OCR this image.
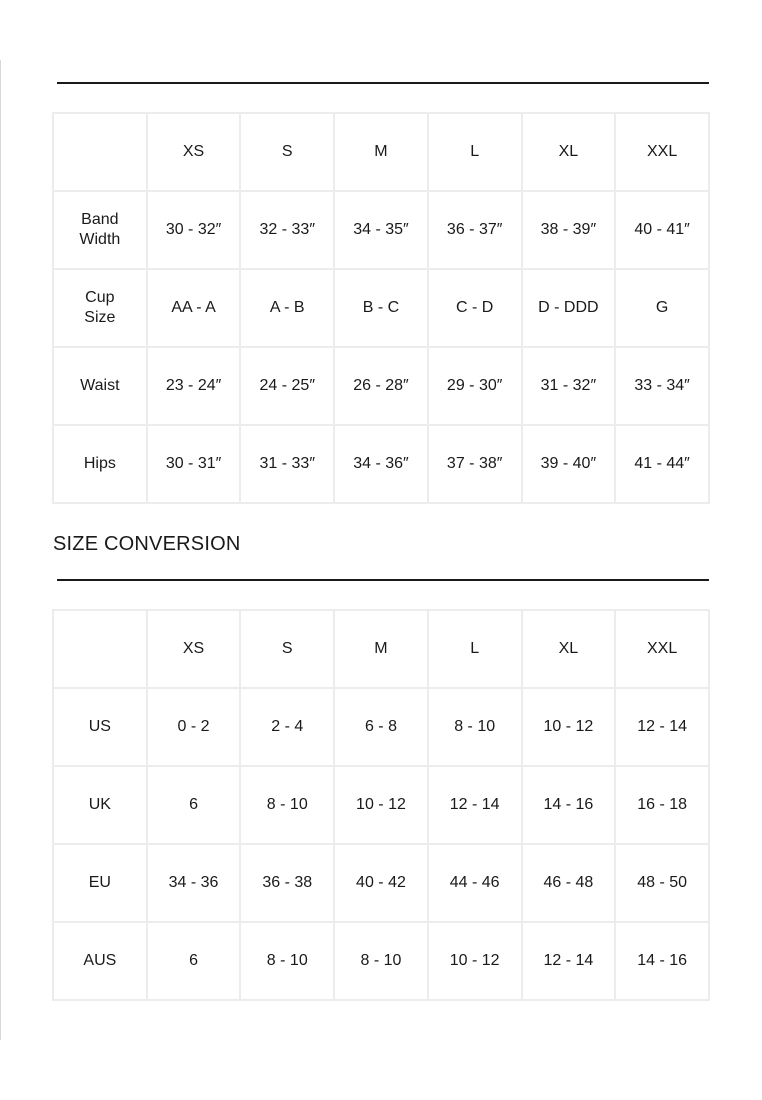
	XS	S	M	L	XL	XXL
Band
Width	30 - 32″	32 - 33″	34 - 35″	36 - 37″	38 - 39″	40 - 41″
Cup
Size	AA - A	A - B	B - C	C - D	D - DDD	G
Waist	23 - 24″	24 - 25″	26 - 28″	29 - 30″	31 - 32″	33 - 34″
Hips	30 - 31″	31 - 33″	34 - 36″	37 - 38″	39 - 40″	41 - 44″
SIZE CONVERSION
	XS	S	M	L	XL	XXL
US	0 - 2	2 - 4	6 - 8	8 - 10	10 - 12	12 - 14
UK	6	8 - 10	10 - 12	12 - 14	14 - 16	16 - 18
EU	34 - 36	36 - 38	40 - 42	44 - 46	46 - 48	48 - 50
AUS	6	8 - 10	8 - 10	10 - 12	12 - 14	14 - 16
